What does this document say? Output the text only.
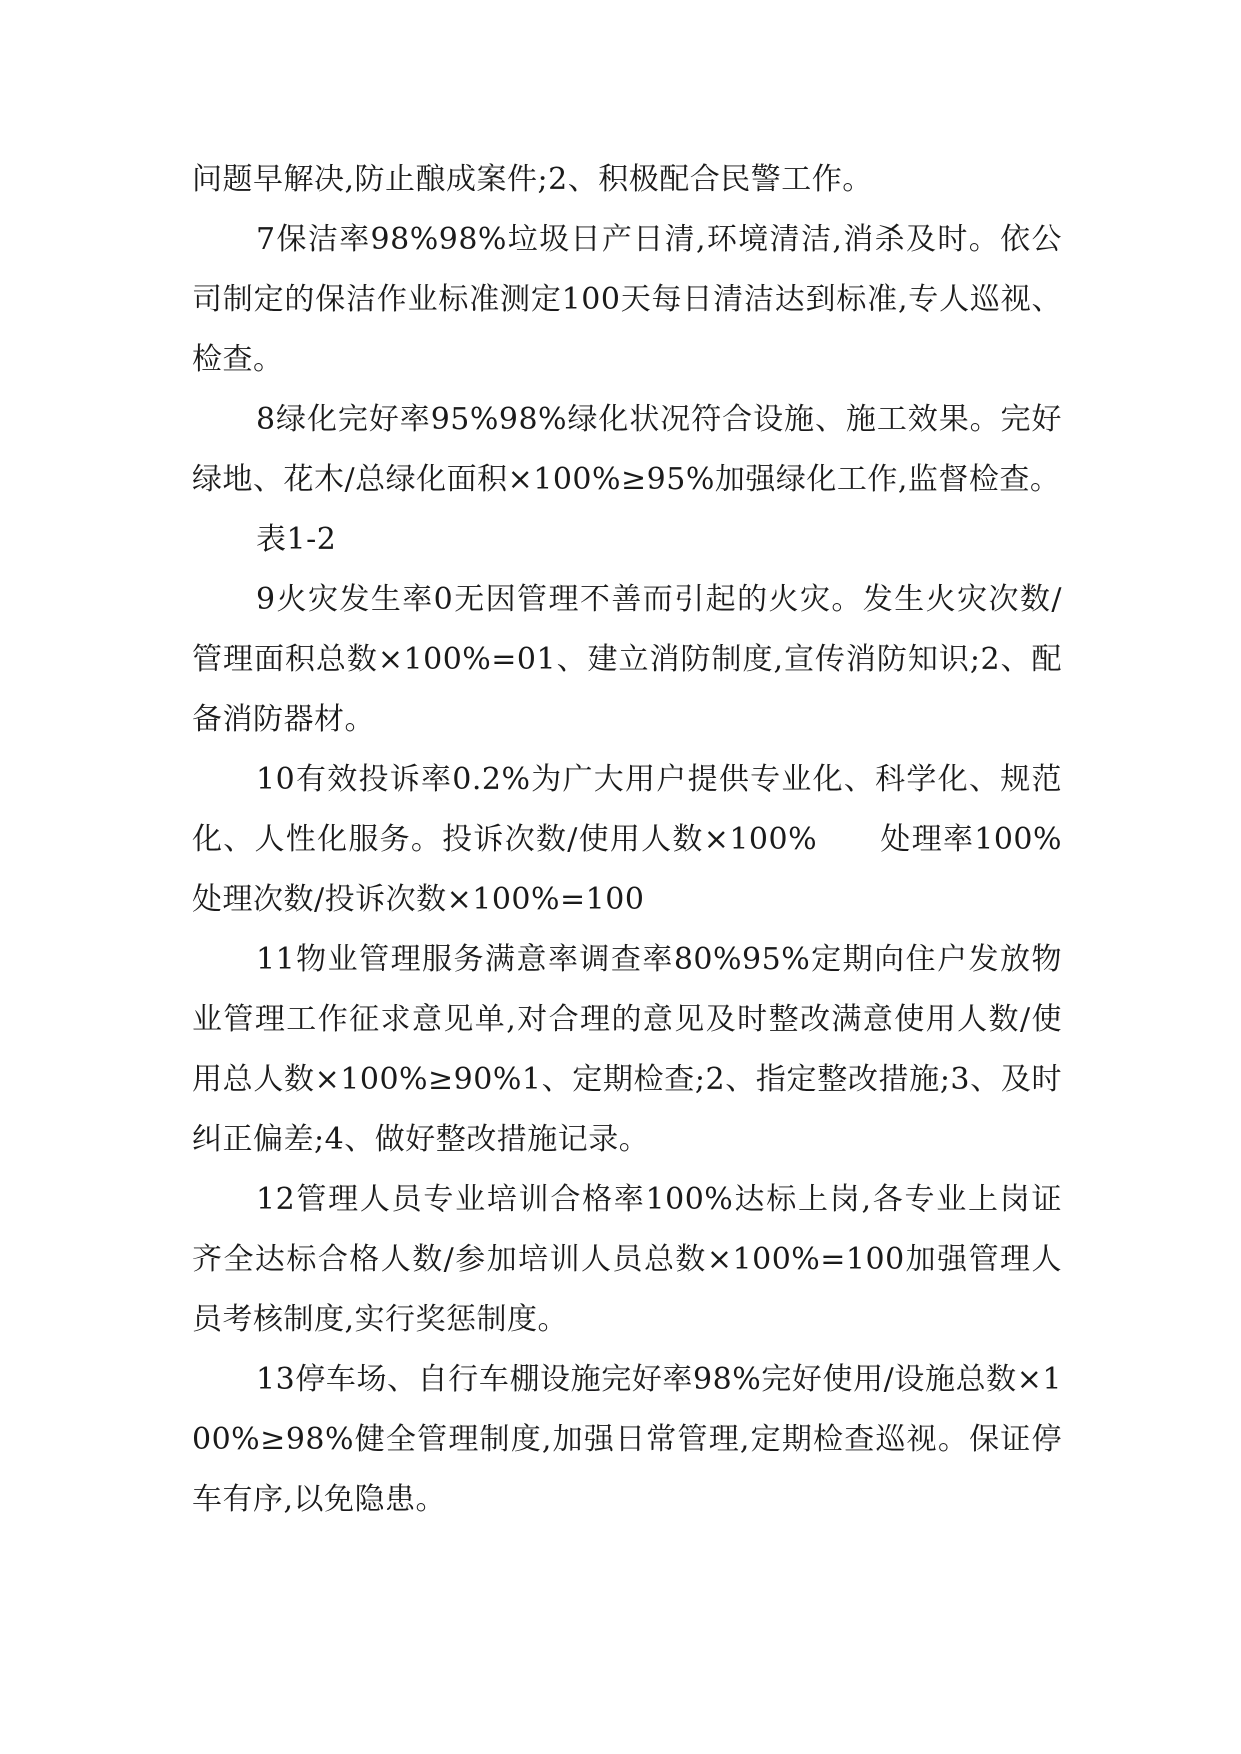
问题早解决,防止酿成案件;2、积极配合民警工作。

7保洁率98%98%垃圾日产日清,环境清洁,消杀及时。依公司制定的保洁作业标准测定100天每日清洁达到标准,专人巡视、检查。

8绿化完好率95%98%绿化状况符合设施、施工效果。完好绿地、花木/总绿化面积×100%≥95%加强绿化工作,监督检查。

表1-2

9火灾发生率0无因管理不善而引起的火灾。发生火灾次数/管理面积总数×100%=01、建立消防制度,宣传消防知识;2、配备消防器材。

10有效投诉率0.2%为广大用户提供专业化、科学化、规范化、人性化服务。投诉次数/使用人数×100%　　处理率100%处理次数/投诉次数×100%=100

11物业管理服务满意率调查率80%95%定期向住户发放物业管理工作征求意见单,对合理的意见及时整改满意使用人数/使用总人数×100%≥90%1、定期检查;2、指定整改措施;3、及时纠正偏差;4、做好整改措施记录。

12管理人员专业培训合格率100%达标上岗,各专业上岗证齐全达标合格人数/参加培训人员总数×100%=100加强管理人员考核制度,实行奖惩制度。

13停车场、自行车棚设施完好率98%完好使用/设施总数×100%≥98%健全管理制度,加强日常管理,定期检查巡视。保证停车有序,以免隐患。
